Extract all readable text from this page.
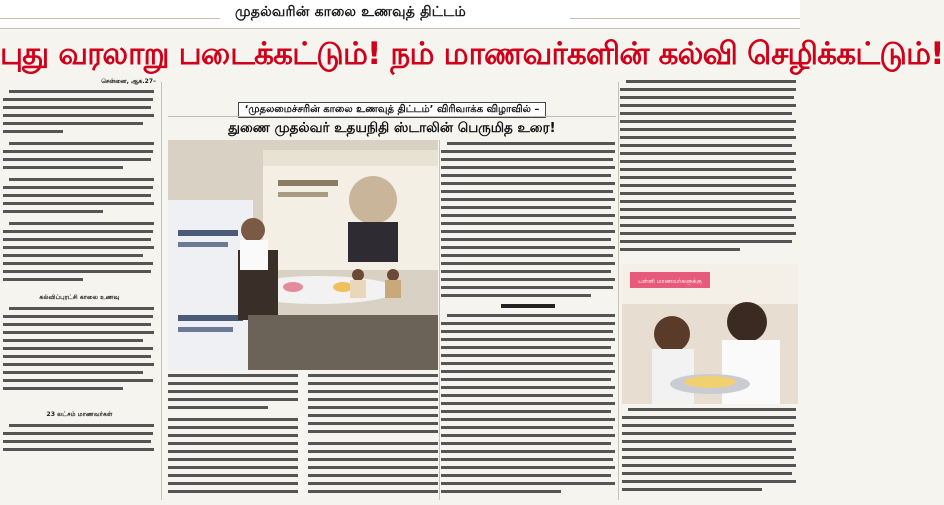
முதல்வரின் காலை உணவுத் திட்டம்
புது வரலாறு படைக்கட்டும்! நம் மாணவர்களின் கல்வி செழிக்கட்டும்!
‘முதலமைச்சரின் காலை உணவுத் திட்டம்’ விரிவாக்க விழாவில் –
துணை முதல்வர் உதயநிதி ஸ்டாலின் பெருமித உரை!

சென்னை, ஆக.27–

கல்விப்புரட்சி காலை உணவு
23 லட்சம் மாணவர்கள்
பள்ளி மாணவர்களுக்கு
